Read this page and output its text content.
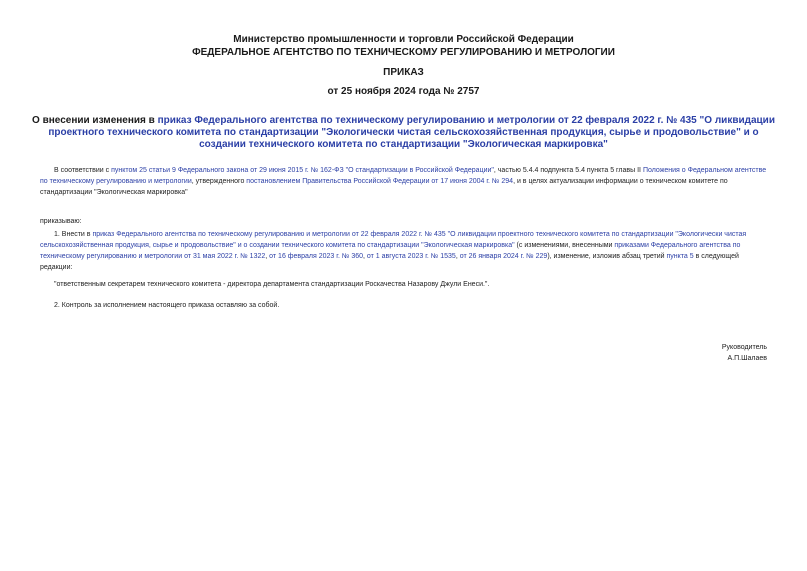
Министерство промышленности и торговли Российской Федерации
ФЕДЕРАЛЬНОЕ АГЕНТСТВО ПО ТЕХНИЧЕСКОМУ РЕГУЛИРОВАНИЮ И МЕТРОЛОГИИ
ПРИКАЗ
от 25 ноября 2024 года № 2757
О внесении изменения в приказ Федерального агентства по техническому регулированию и метрологии от 22 февраля 2022 г. № 435 "О ликвидации проектного технического комитета по стандартизации "Экологически чистая сельскохозяйственная продукция, сырье и продовольствие" и о создании технического комитета по стандартизации "Экологическая маркировка"
В соответствии с пунктом 25 статьи 9 Федерального закона от 29 июня 2015 г. № 162-ФЗ "О стандартизации в Российской Федерации", частью 5.4.4 подпункта 5.4 пункта 5 главы II Положения о Федеральном агентстве по техническому регулированию и метрологии, утвержденного постановлением Правительства Российской Федерации от 17 июня 2004 г. № 294, и в целях актуализации информации о техническом комитете по стандартизации "Экологическая маркировка"
приказываю:
1. Внести в приказ Федерального агентства по техническому регулированию и метрологии от 22 февраля 2022 г. № 435 "О ликвидации проектного технического комитета по стандартизации "Экологически чистая сельскохозяйственная продукция, сырье и продовольствие" и о создании технического комитета по стандартизации "Экологическая маркировка" (с изменениями, внесенными приказами Федерального агентства по техническому регулированию и метрологии от 31 мая 2022 г. № 1322, от 16 февраля 2023 г. № 360, от 1 августа 2023 г. № 1535, от 26 января 2024 г. № 229), изменение, изложив абзац третий пункта 5 в следующей редакции:
"ответственным секретарем технического комитета - директора департамента стандартизации Роскачества Назарову Джули Енеси.".
2. Контроль за исполнением настоящего приказа оставляю за собой.
Руководитель
А.П.Шалаев
